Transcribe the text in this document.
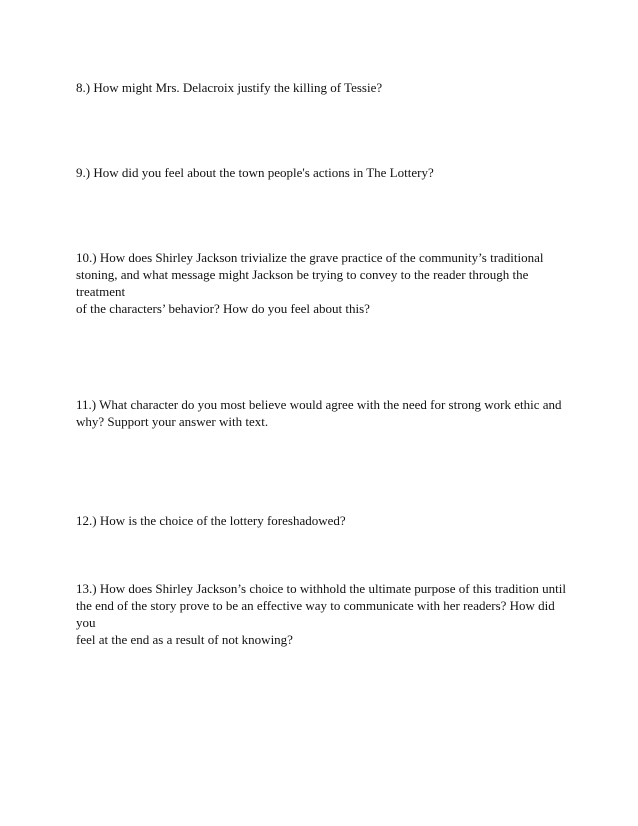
8.) How might Mrs. Delacroix justify the killing of Tessie?

9.) How did you feel about the town people's actions in The Lottery?

10.) How does Shirley Jackson trivialize the grave practice of the community’s traditional
stoning, and what message might Jackson be trying to convey to the reader through the treatment
of the characters’ behavior? How do you feel about this?

11.) What character do you most believe would agree with the need for strong work ethic and
why? Support your answer with text.

12.) How is the choice of the lottery foreshadowed?

13.) How does Shirley Jackson’s choice to withhold the ultimate purpose of this tradition until
the end of the story prove to be an effective way to communicate with her readers? How did you
feel at the end as a result of not knowing?
